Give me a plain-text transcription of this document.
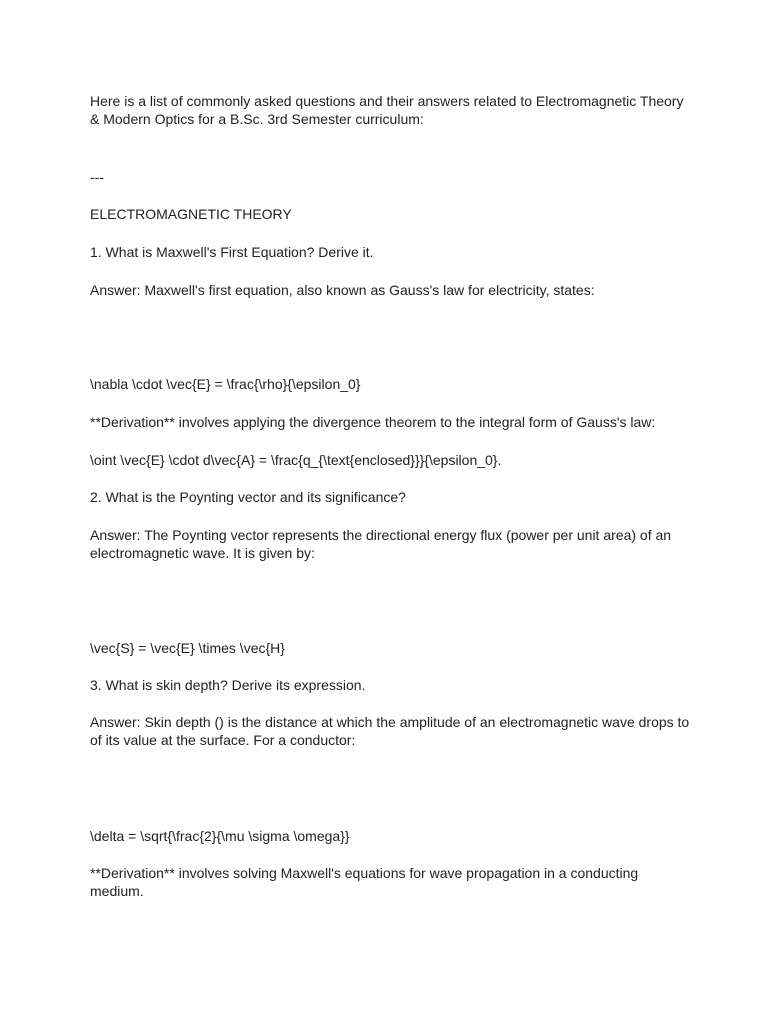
Here is a list of commonly asked questions and their answers related to Electromagnetic Theory & Modern Optics for a B.Sc. 3rd Semester curriculum:

---

ELECTROMAGNETIC THEORY

1. What is Maxwell's First Equation? Derive it.

Answer: Maxwell's first equation, also known as Gauss's law for electricity, states:

\nabla \cdot \vec{E} = \frac{\rho}{\epsilon_0}

**Derivation** involves applying the divergence theorem to the integral form of Gauss's law:

\oint \vec{E} \cdot d\vec{A} = \frac{q_{\text{enclosed}}}{\epsilon_0}.

2. What is the Poynting vector and its significance?

Answer: The Poynting vector represents the directional energy flux (power per unit area) of an electromagnetic wave. It is given by:

\vec{S} = \vec{E} \times \vec{H}

3. What is skin depth? Derive its expression.

Answer: Skin depth () is the distance at which the amplitude of an electromagnetic wave drops to  of its value at the surface. For a conductor:

\delta = \sqrt{\frac{2}{\mu \sigma \omega}}

**Derivation** involves solving Maxwell's equations for wave propagation in a conducting medium.
